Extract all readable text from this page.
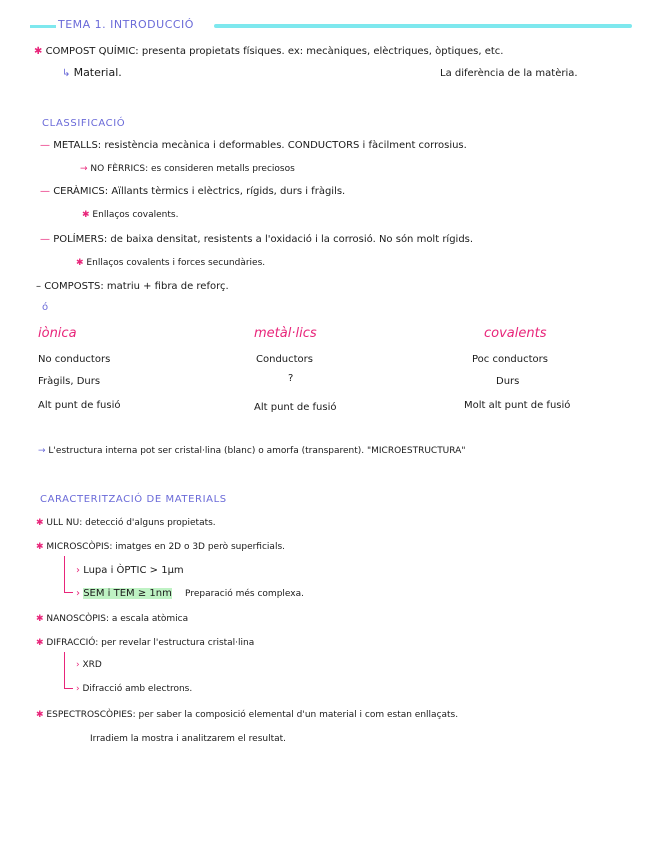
TEMA 1. INTRODUCCIÓ
✱ COMPOST QUÍMIC: presenta propietats físiques. ex: mecàniques, elèctriques, òptiques, etc.
↳ Material.	La diferència de la matèria.
CLASSIFICACIÓ
— METALLS: resistència mecànica i deformables. CONDUCTORS i fàcilment corrosius.
→ NO FÈRRICS: es consideren metalls preciosos
— CERÀMICS: Aïllants tèrmics i elèctrics, rígids, durs i fràgils.
✱ Enllaços covalents.
— POLÍMERS: de baixa densitat, resistents a l'oxidació i la corrosió. No són molt rígids.
✱ Enllaços covalents i forces secundàries.
– COMPOSTS: matriu + fibra de reforç.
ó
iònica	metàl·lics	covalents
No conductors	Conductors	Poc conductors
Fràgils, Durs	?	Durs
Alt punt de fusió	Alt punt de fusió	Molt alt punt de fusió
→ L'estructura interna pot ser cristal·lina (blanc) o amorfa (transparent). "MICROESTRUCTURA"
CARACTERITZACIÓ DE MATERIALS
✱ ULL NU: detecció d'alguns propietats.
✱ MICROSCÒPIS: imatges en 2D o 3D però superficials.
› Lupa i ÒPTIC > 1μm
› SEM i TEM ≥ 1nm Preparació més complexa.
✱ NANOSCÒPIS: a escala atòmica
✱ DIFRACCIÓ: per revelar l'estructura cristal·lina
› XRD
› Difracció amb electrons.
✱ ESPECTROSCÒPIES: per saber la composició elemental d'un material i com estan enllaçats.
Irradiem la mostra i analitzarem el resultat.
